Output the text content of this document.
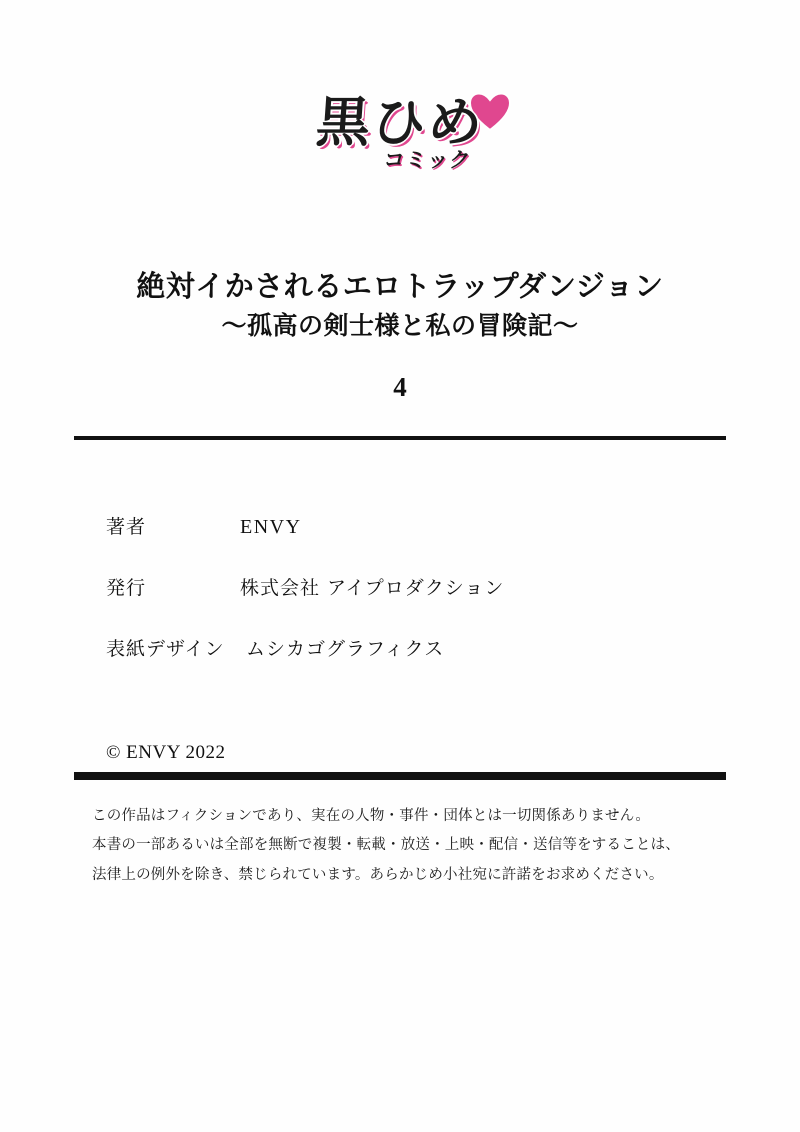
黒ひめ
コミック
絶対イかされるエロトラップダンジョン
～孤高の剣士様と私の冒険記～
4
著者	ENVY
発行	株式会社 アイプロダクション
表紙デザイン	ムシカゴグラフィクス
© ENVY 2022

この作品はフィクションであり、実在の人物・事件・団体とは一切関係ありません。

本書の一部あるいは全部を無断で複製・転載・放送・上映・配信・送信等をすることは、

法律上の例外を除き、禁じられています。あらかじめ小社宛に許諾をお求めください。
